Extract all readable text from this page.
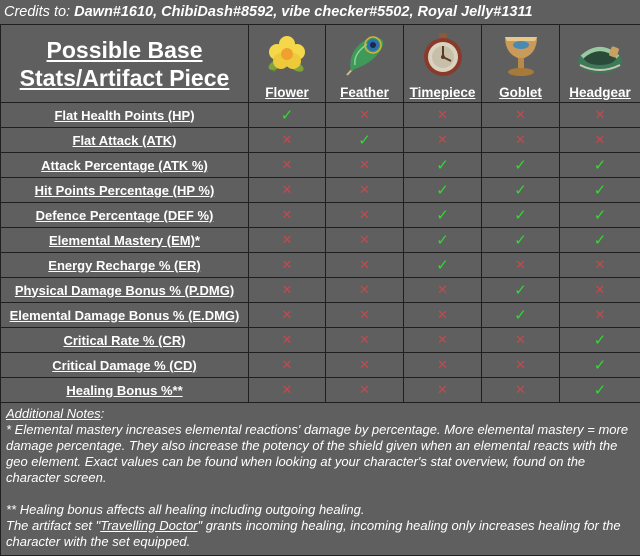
Credits to: Dawn#1610, ChibiDash#8592, vibe checker#5502, Royal Jelly#1311
Possible Base
Stats/Artifact Piece	Flower	Feather	Timepiece	Goblet	Headgear

Flat Health Points (HP)	✓	✕	✕	✕	✕
Flat Attack (ATK)	✕	✓	✕	✕	✕
Attack Percentage (ATK %)	✕	✕	✓	✓	✓
Hit Points Percentage (HP %)	✕	✕	✓	✓	✓
Defence Percentage (DEF %)	✕	✕	✓	✓	✓
Elemental Mastery (EM)*	✕	✕	✓	✓	✓
Energy Recharge % (ER)	✕	✕	✓	✕	✕
Physical Damage Bonus % (P.DMG)	✕	✕	✕	✓	✕
Elemental Damage Bonus % (E.DMG)	✕	✕	✕	✓	✕
Critical Rate % (CR)	✕	✕	✕	✕	✓
Critical Damage % (CD)	✕	✕	✕	✕	✓
Healing Bonus %**	✕	✕	✕	✕	✓

Additional Notes:

* Elemental mastery increases elemental reactions' damage by percentage. More elemental mastery = more damage percentage. They also increase the potency of the shield given when an elemental reacts with the geo element. Exact values can be found when looking at your character's stat overview, found on the character screen.

** Healing bonus affects all healing including outgoing healing.

The artifact set "Travelling Doctor" grants incoming healing, incoming healing only increases healing for the character with the set equipped.					
